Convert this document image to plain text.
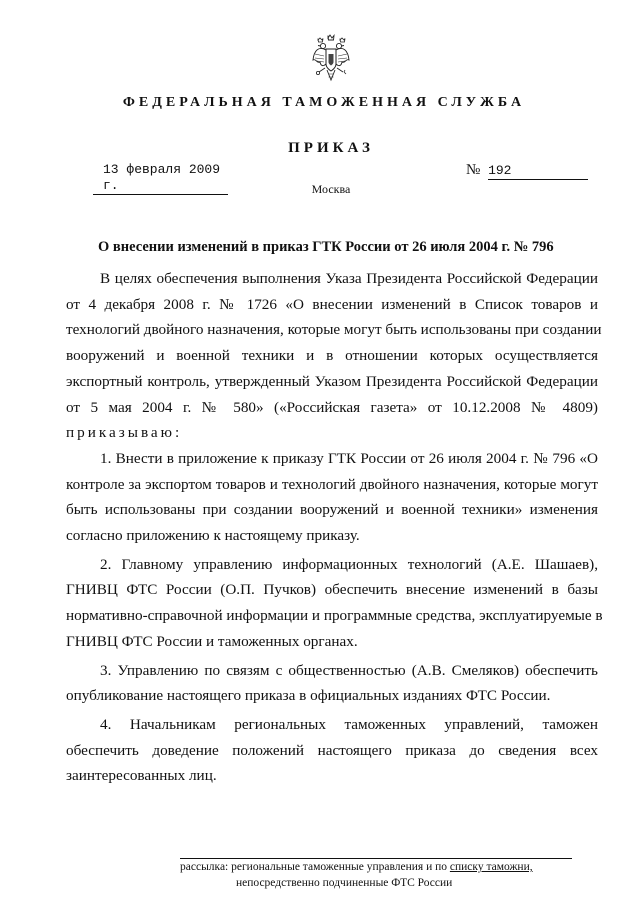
ФЕДЕРАЛЬНАЯ ТАМОЖЕННАЯ СЛУЖБА
ПРИКАЗ
13 февраля 2009 г.
№ 192
Москва
О внесении изменений в приказ ГТК России от 26 июля 2004 г. № 796

В целях обеспечения выполнения Указа Президента Российской Федерации
от 4 декабря 2008 г. № 1726 «О внесении изменений в Список товаров и
технологий двойного назначения, которые могут быть использованы при создании
вооружений и военной техники и в отношении которых осуществляется
экспортный контроль, утвержденный Указом Президента Российской Федерации
от 5 мая 2004 г. № 580» («Российская газета» от 10.12.2008 № 4809)
приказываю:

1. Внести в приложение к приказу ГТК России от 26 июля 2004 г. № 796 «О
контроле за экспортом товаров и технологий двойного назначения, которые могут
быть использованы при создании вооружений и военной техники» изменения
согласно приложению к настоящему приказу.

2. Главному управлению информационных технологий (А.Е. Шашаев),
ГНИВЦ ФТС России (О.П. Пучков) обеспечить внесение изменений в базы
нормативно-справочной информации и программные средства, эксплуатируемые в
ГНИВЦ ФТС России и таможенных органах.

3. Управлению по связям с общественностью (А.В. Смеляков) обеспечить
опубликование настоящего приказа в официальных изданиях ФТС России.

4. Начальникам региональных таможенных управлений, таможен
обеспечить доведение положений настоящего приказа до сведения всех
заинтересованных лиц.

рассылка: региональные таможенные управления и по списку таможни,
непосредственно подчиненные ФТС России
